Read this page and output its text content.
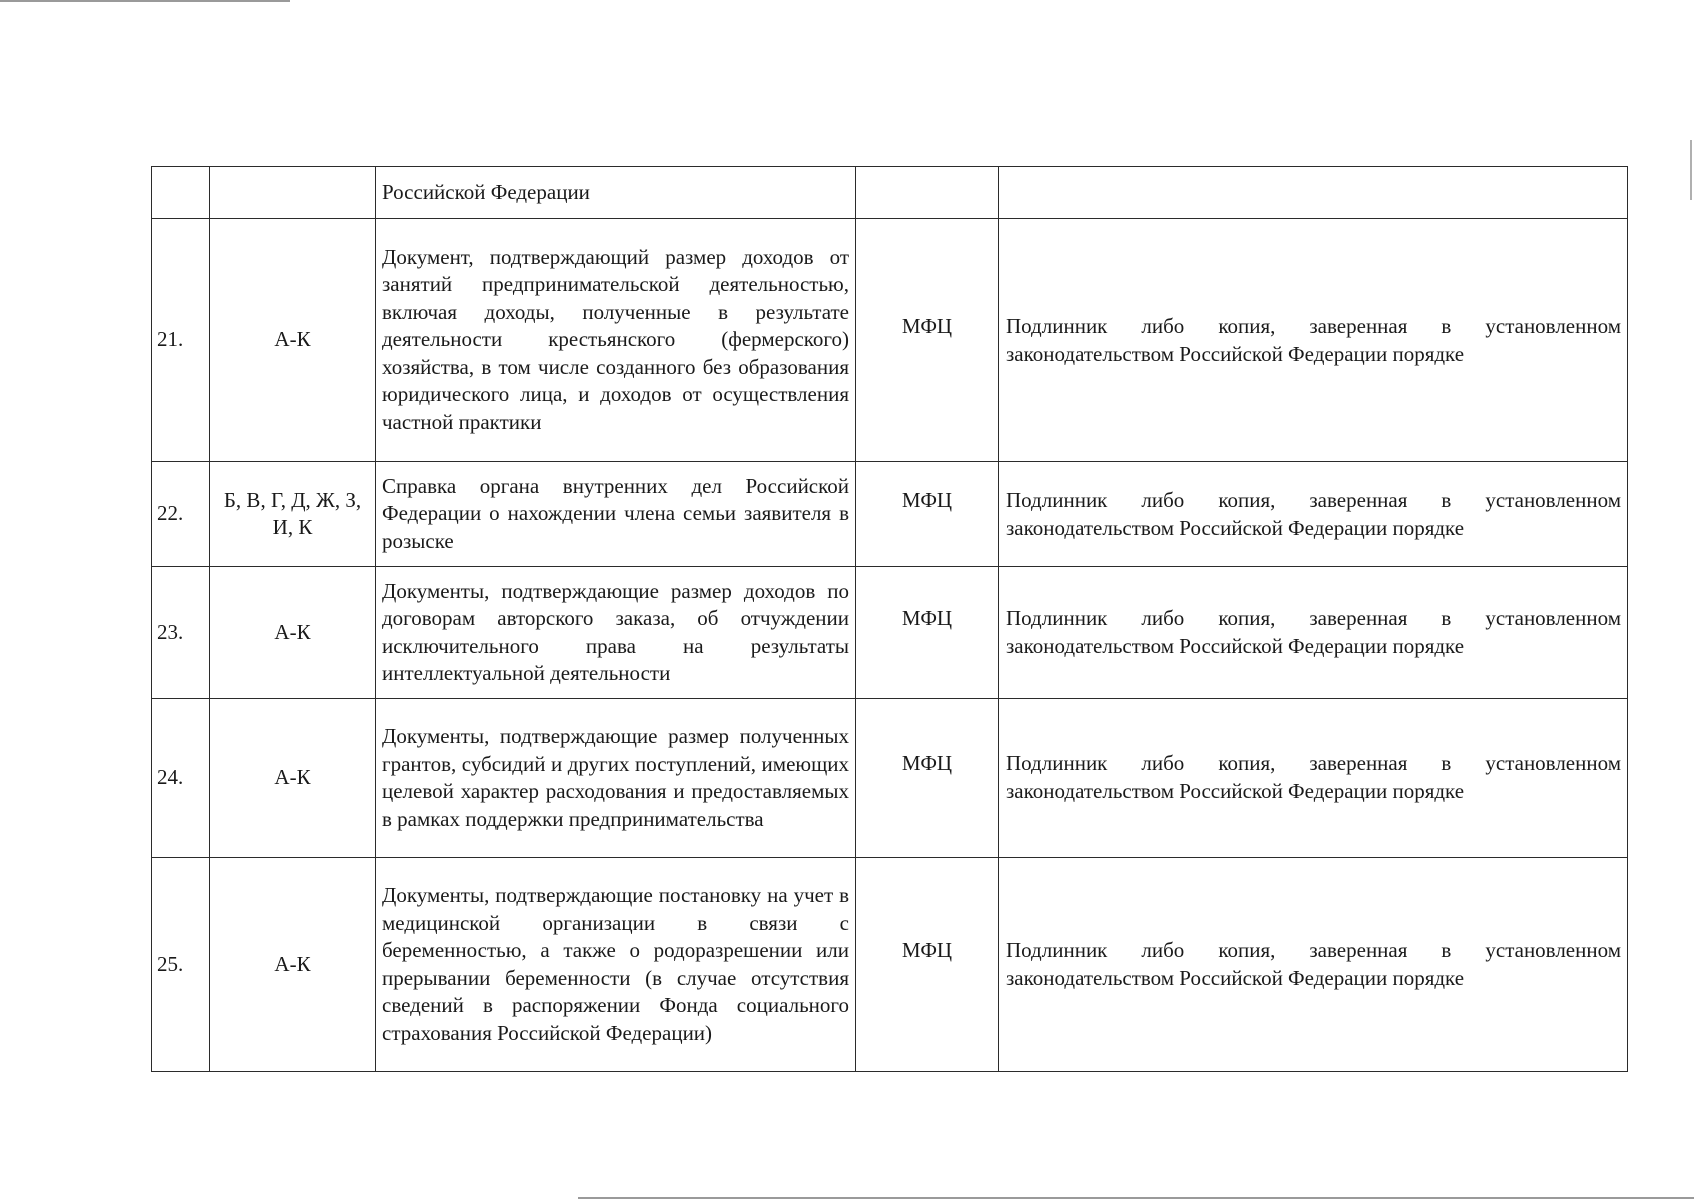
		Российской Федерации		
21.	А-К	Документ, подтверждающий размер доходов от занятий предпринимательской деятельностью, включая доходы, полученные в результате деятельности крестьянского (фермерского) хозяйства, в том числе созданного без образования юридического лица, и доходов от осуществления частной практики	МФЦ	Подлинник либо копия, заверенная в установленном законодательством Российской Федерации порядке
22.	Б, В, Г, Д, Ж, З, И, К	Справка органа внутренних дел Российской Федерации о нахождении члена семьи заявителя в розыске	МФЦ	Подлинник либо копия, заверенная в установленном законодательством Российской Федерации порядке
23.	А-К	Документы, подтверждающие размер доходов по договорам авторского заказа, об отчуждении исключительного права на результаты интеллектуальной деятельности	МФЦ	Подлинник либо копия, заверенная в установленном законодательством Российской Федерации порядке
24.	А-К	Документы, подтверждающие размер полученных грантов, субсидий и других поступлений, имеющих целевой характер расходования и предоставляемых в рамках поддержки предпринимательства	МФЦ	Подлинник либо копия, заверенная в установленном законодательством Российской Федерации порядке
25.	А-К	Документы, подтверждающие постановку на учет в медицинской организации в связи с беременностью, а также о родоразрешении или прерывании беременности (в случае отсутствия сведений в распоряжении Фонда социального страхования Российской Федерации)	МФЦ	Подлинник либо копия, заверенная в установленном законодательством Российской Федерации порядке
